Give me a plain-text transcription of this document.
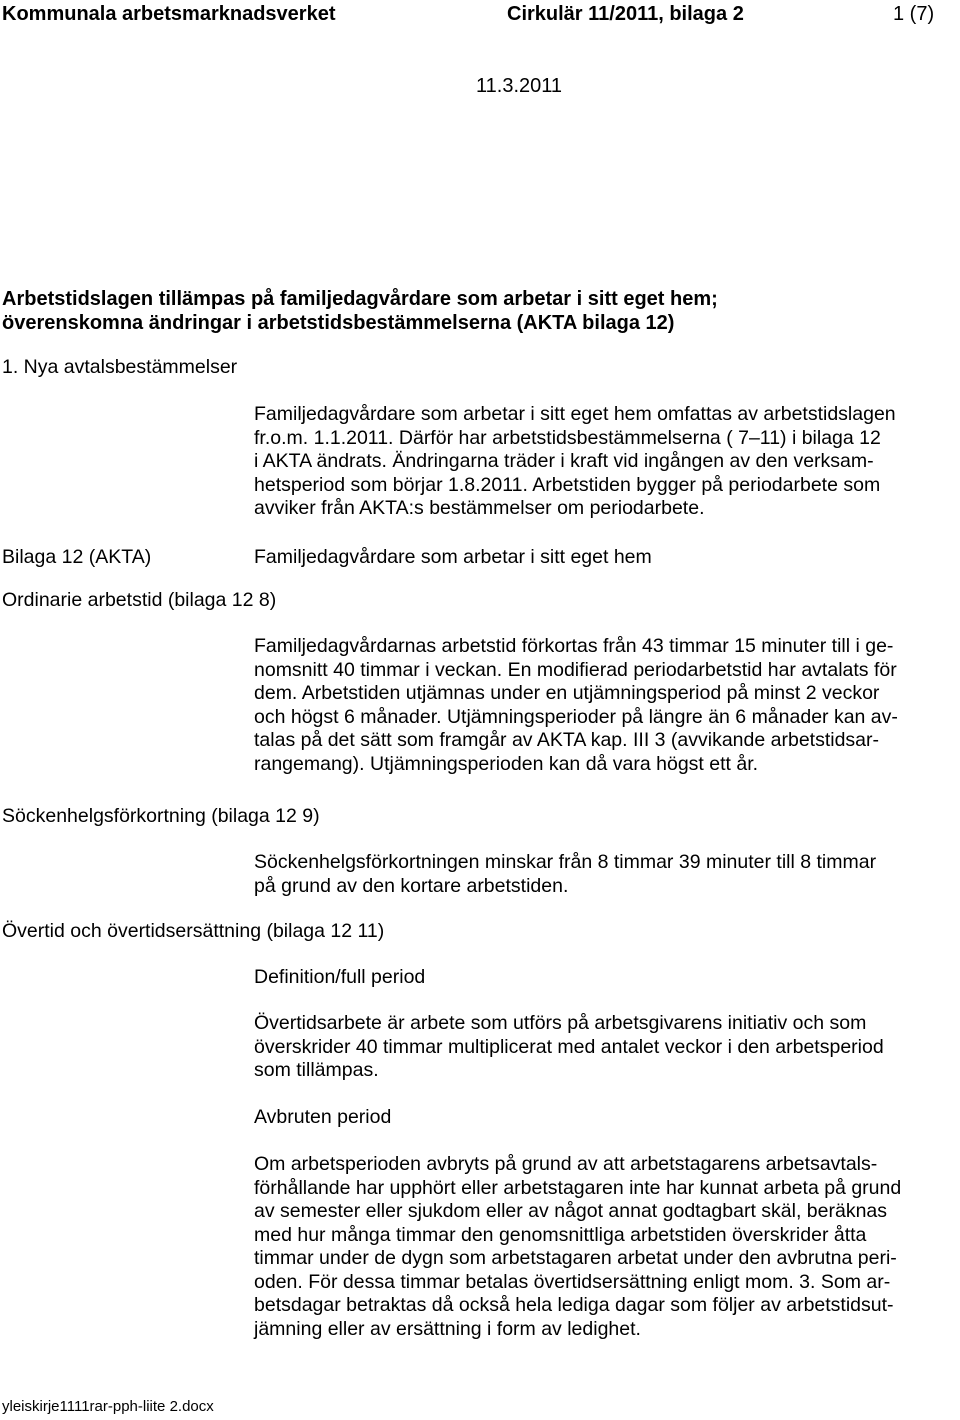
Kommunala arbetsmarknadsverket	Cirkulär 11/2011, bilaga 2	1 (7)
11.3.2011
Arbetstidslagen tillämpas på familjedagvårdare som arbetar i sitt eget hem;
överenskomna ändringar i arbetstidsbestämmelserna (AKTA bilaga 12)
1. Nya avtalsbestämmelser
Familjedagvårdare som arbetar i sitt eget hem omfattas av arbetstidslagen
fr.o.m. 1.1.2011. Därför har arbetstidsbestämmelserna ( 7–11) i bilaga 12
i AKTA ändrats. Ändringarna träder i kraft vid ingången av den verksam-
hetsperiod som börjar 1.8.2011. Arbetstiden bygger på periodarbete som
avviker från AKTA:s bestämmelser om periodarbete.
Bilaga 12 (AKTA)	Familjedagvårdare som arbetar i sitt eget hem
Ordinarie arbetstid (bilaga 12 8)
Familjedagvårdarnas arbetstid förkortas från 43 timmar 15 minuter till i ge-
nomsnitt 40 timmar i veckan. En modifierad periodarbetstid har avtalats för
dem. Arbetstiden utjämnas under en utjämningsperiod på minst 2 veckor
och högst 6 månader. Utjämningsperioder på längre än 6 månader kan av-
talas på det sätt som framgår av AKTA kap. III 3 (avvikande arbetstidsar-
rangemang). Utjämningsperioden kan då vara högst ett år.
Söckenhelgsförkortning (bilaga 12 9)
Söckenhelgsförkortningen minskar från 8 timmar 39 minuter till 8 timmar
på grund av den kortare arbetstiden.
Övertid och övertidsersättning (bilaga 12 11)
Definition/full period
Övertidsarbete är arbete som utförs på arbetsgivarens initiativ och som
överskrider 40 timmar multiplicerat med antalet veckor i den arbetsperiod
som tillämpas.
Avbruten period
Om arbetsperioden avbryts på grund av att arbetstagarens arbetsavtals-
förhållande har upphört eller arbetstagaren inte har kunnat arbeta på grund
av semester eller sjukdom eller av något annat godtagbart skäl, beräknas
med hur många timmar den genomsnittliga arbetstiden överskrider åtta
timmar under de dygn som arbetstagaren arbetat under den avbrutna peri-
oden. För dessa timmar betalas övertidsersättning enligt mom. 3. Som ar-
betsdagar betraktas då också hela lediga dagar som följer av arbetstidsut-
jämning eller av ersättning i form av ledighet.
yleiskirje1111rar-pph-liite 2.docx
